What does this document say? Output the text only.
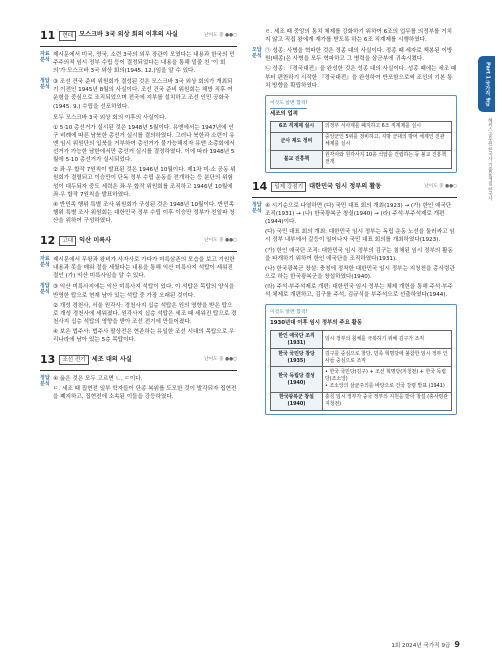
11	현대 모스크바 3국 외상 회의 이후의 사실	난이도 중 ●●○
자료 분석
제시문에서 미국, 영국, 소련 3국의 외무 장관이 모였다는 내용과 한국의 민주주의적 임시 정부 수립 등이 결정되었다는 내용을 통해 밑줄 친 '이 회의'가 모스크바 3국 외상 회의(1945. 12.)임을 알 수 있다.
정답 분석
③ 조선 건국 준비 위원회가 결성된 것은 모스크바 3국 외상 회의가 개최되기 이전인 1945년 8월의 사실이다. 조선 건국 준비 위원회는 해방 직후 여운형을 중심으로 조직되었으며 전국에 지부를 설치하고 조선 인민 공화국(1945. 9.) 수립을 선포하였다.

모두 모스크바 3국 외상 회의 이후의 사실이다.

① 5·10 총선거가 실시된 것은 1948년 5월이다. 유엔에서는 1947년에 인구 비례에 따른 남북한 총선거 실시를 결의하였다. 그러나 북한과 소련이 유엔 임시 위원단의 입북을 거부하여 총선거가 불가능해지자 유엔 소총회에서 선거가 가능한 남한에서만 총선거 실시를 결정하였다. 이에 따라 1948년 5월에 5·10 총선거가 실시되었다.
② 좌·우 합작 7원칙이 발표된 것은 1946년 10월이다. 제1차 미·소 공동 위원회가 결렬되고 이승만이 단독 정부 수립 운동을 전개하는 등 분단의 위험성이 대두되자 중도 세력은 좌·우 합작 위원회를 조직하고 1946년 10월에 좌·우 합작 7원칙을 발표하였다.
④ 반민족 행위 특별 조사 위원회가 구성된 것은 1948년 10월이다. 반민족 행위 특별 조사 위원회는 대한민국 정부 수립 이후 이승만 정부가 친일파 청산을 위하여 구성하였다.
12	고대 익산 미륵사	난이도 중 ●●○
자료 분석
제시문에서 무왕과 왕비가 사자사로 가다가 미륵삼존의 모습을 보고 기원한 내용과 못을 메워 절을 세웠다는 내용을 통해 익산 미륵사지 석탑이 세워진 절인 (가) 익산 미륵사임을 알 수 있다.
정답 분석

③ 익산 미륵사지에는 익산 미륵사지 석탑이 있다. 이 석탑은 목탑의 양식을 반영한 탑으로 현재 남아 있는 석탑 중 가장 오래된 것이다.

② 개성 경천사, 서울 원각사: 경천사지 십층 석탑은 원의 영향을 받은 탑으로 개성 경천사에 세워졌다. 원각사지 십층 석탑은 세조 때 세워진 탑으로 경천사지 십층 석탑의 영향을 받아 조선 전기에 만들어졌다.
④ 보은 법주사: 법주사 팔상전은 현존하는 유일한 조선 시대의 목탑으로 우리나라에 남아 있는 5층 목탑이다.
13	조선 전기 세조 대의 사실	난이도 중 ●●○
정답 분석

④ 옳은 것은 모두 고르면 ㄴ, ㄷ이다.

ㄷ. 세조 때 집현전 일부 학자들이 단종 복위를 도모한 것이 발각되자 집현전을 폐지하고, 집현전에 소속된 이들을 강등하였다.
ㄹ. 세조 때 중앙의 통치 체제를 강화하기 위하여 6조의 업무를 의정부를 거치지 않고 직접 왕에게 재가를 받도록 하는 6조 직계제를 시행하였다.
오답 분석
㉠ 성종: 사병을 혁파한 것은 정종 대의 사실이다. 정종 때 세자로 책봉된 이방원(태종)은 사병을 모두 혁파하고 그 병력을 삼군부에 귀속시켰다.
㉡ 성종: 『경국대전』을 완성한 것은 성종 대의 사실이다. 성종 때에는 세조 때부터 편찬하기 시작한 『경국대전』을 완성하여 반포함으로써 조선의 기본 통치 방향을 확립하였다.
이것도 알면 합격!
세조의 업적
6조 직계제 실시	의정부 서사제를 폐지하고 6조 직계제를 실시
군사 제도 정비	중앙군인 5위를 정비하고, 지방 군대의 방어 체제인 진관 체제를 실시
불교 진흥책	원각사와 원각사지 10층 석탑을 건립하는 등 불교 진흥책 전개
14	일제 강점기 대한민국 임시 정부의 활동	난이도 중 ●●○
정답 분석

④ 시기순으로 나열하면 (다) 국민 대표 회의 개최(1923) → (가) 한인 애국단 조직(1931) → (나) 한국광복군 창설(1940) → (라) 주석·부주석제로 개편(1944)이다.

(다) 국민 대표 회의 개최: 대한민국 임시 정부는 독립 운동 노선을 둘러싸고 임시 정부 내부에서 갈등이 일어나자 국민 대표 회의를 개최하였다(1923).
(가) 한인 애국단 조직: 대한민국 임시 정부의 김구는 침체된 임시 정부의 활동을 타개하기 위하여 한인 애국단을 조직하였다(1931).
(나) 한국광복군 창설: 충칭에 정착한 대한민국 임시 정부는 지청천을 총사령관으로 하는 한국광복군을 창설하였다(1940).
(라) 주석·부주석제로 개편: 대한민국 임시 정부는 체제 개헌을 통해 주석·부주석 체제로 개편하고, 김구를 주석, 김규식을 부주석으로 선출하였다(1944).
이것도 알면 합격!
1930년대 이후 임시 정부의 주요 활동
한인 애국단 조직 (1931)	임시 정부의 침체를 극복하기 위해 김구가 조직
한국 국민당 창당 (1935)	김구를 중심으로 창당, 민족 혁명당에 불참한 임시 정부 인사들 중심으로 조직
한국 독립당 결성 (1940)	• 한국 국민당(김구) + 조선 혁명당(지청천) + 한국 독립당(조소앙)
• 조소앙의 삼균주의를 바탕으로 건국 강령 발표 (1941)
한국광복군 창설 (1940)	충칭 임시 정부가 중국 정부의 지원을 받아 창설 (총사령관 지청천)
Part 1 국가직 9급
해커스공무원 한국사 기출문제집 한국사
1회 2024년 국가직 9급 9
